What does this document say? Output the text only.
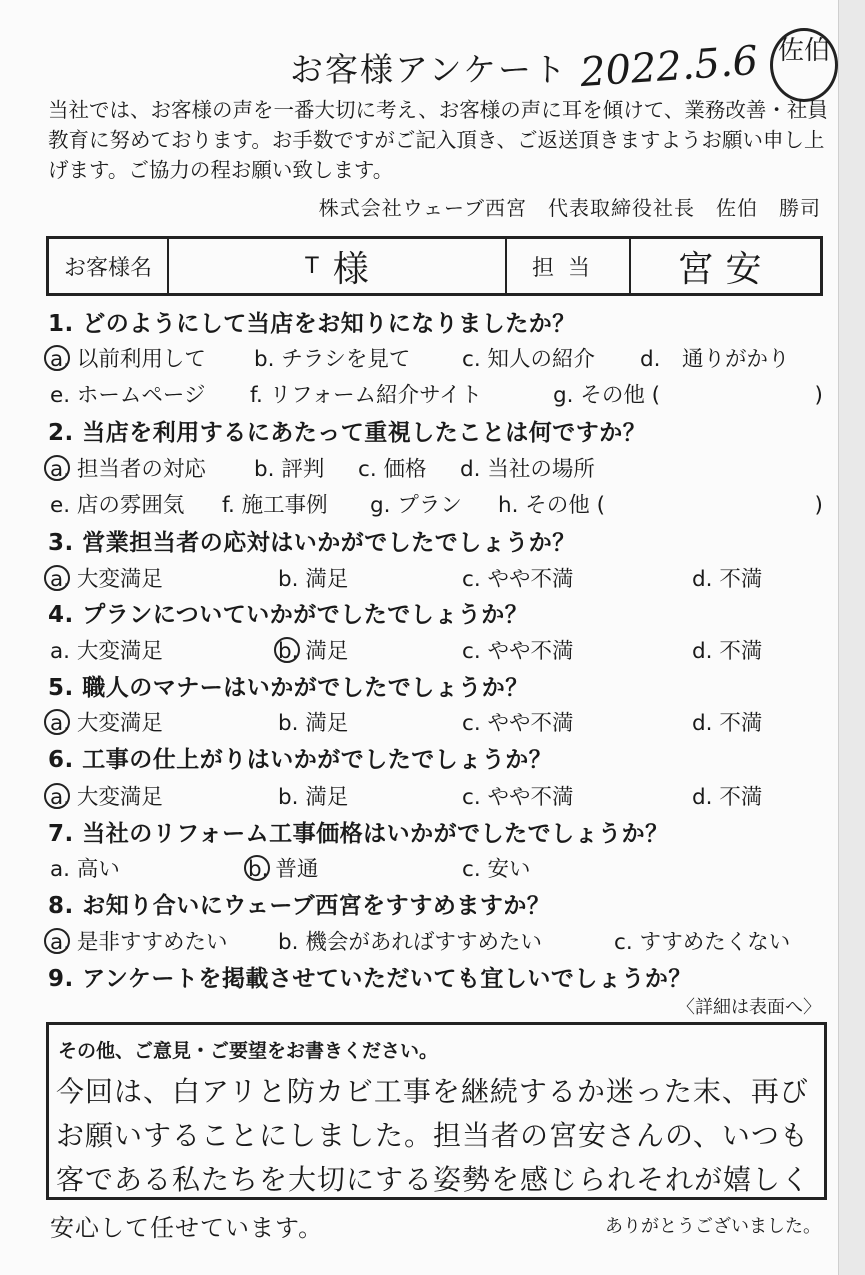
お客様アンケート 2022.5.6 佐伯
当社では、お客様の声を一番大切に考え、お客様の声に耳を傾けて、業務改善・社員教育に努めております。お手数ですがご記入頂き、ご返送頂きますようお願い申し上げます。ご協力の程お願い致します。
株式会社ウェーブ西宮　代表取締役社長　佐伯　勝司
お客様名	T 様	担当	宮安
1. どのようにして当店をお知りになりましたか？
a. 以前利用して b. チラシを見て c. 知人の紹介 d.　通りがかり
e. ホームページ f. リフォーム紹介サイト	g. その他 (	　)
2. 当店を利用するにあたって重視したことは何ですか？
a. 担当者の対応 b. 評判 c. 価格 d. 当社の場所
e. 店の雰囲気 f. 施工事例 g. プラン h. その他 (	　)
3. 営業担当者の応対はいかがでしたでしょうか？
a. 大変満足	b. 満足	c. やや不満	d. 不満
4. プランについていかがでしたでしょうか？
a. 大変満足	b. 満足	c. やや不満	d. 不満
5. 職人のマナーはいかがでしたでしょうか？
a. 大変満足	b. 満足	c. やや不満	d. 不満
6. 工事の仕上がりはいかがでしたでしょうか？
a. 大変満足	b. 満足	c. やや不満	d. 不満
7. 当社のリフォーム工事価格はいかがでしたでしょうか？
a. 高い	b. 普通	c. 安い
8. お知り合いにウェーブ西宮をすすめますか？
a. 是非すすめたい b. 機会があればすすめたい	c. すすめたくない
9. アンケートを掲載させていただいても宜しいでしょうか？
〈詳細は表面へ〉
その他、ご意見・ご要望をお書きください。
今回は、白アリと防カビ工事を継続するか迷った末、再び
お願いすることにしました。担当者の宮安さんの、いつも
客である私たちを大切にする姿勢を感じられそれが嬉しく
安心して任せています。	ありがとうございました。
